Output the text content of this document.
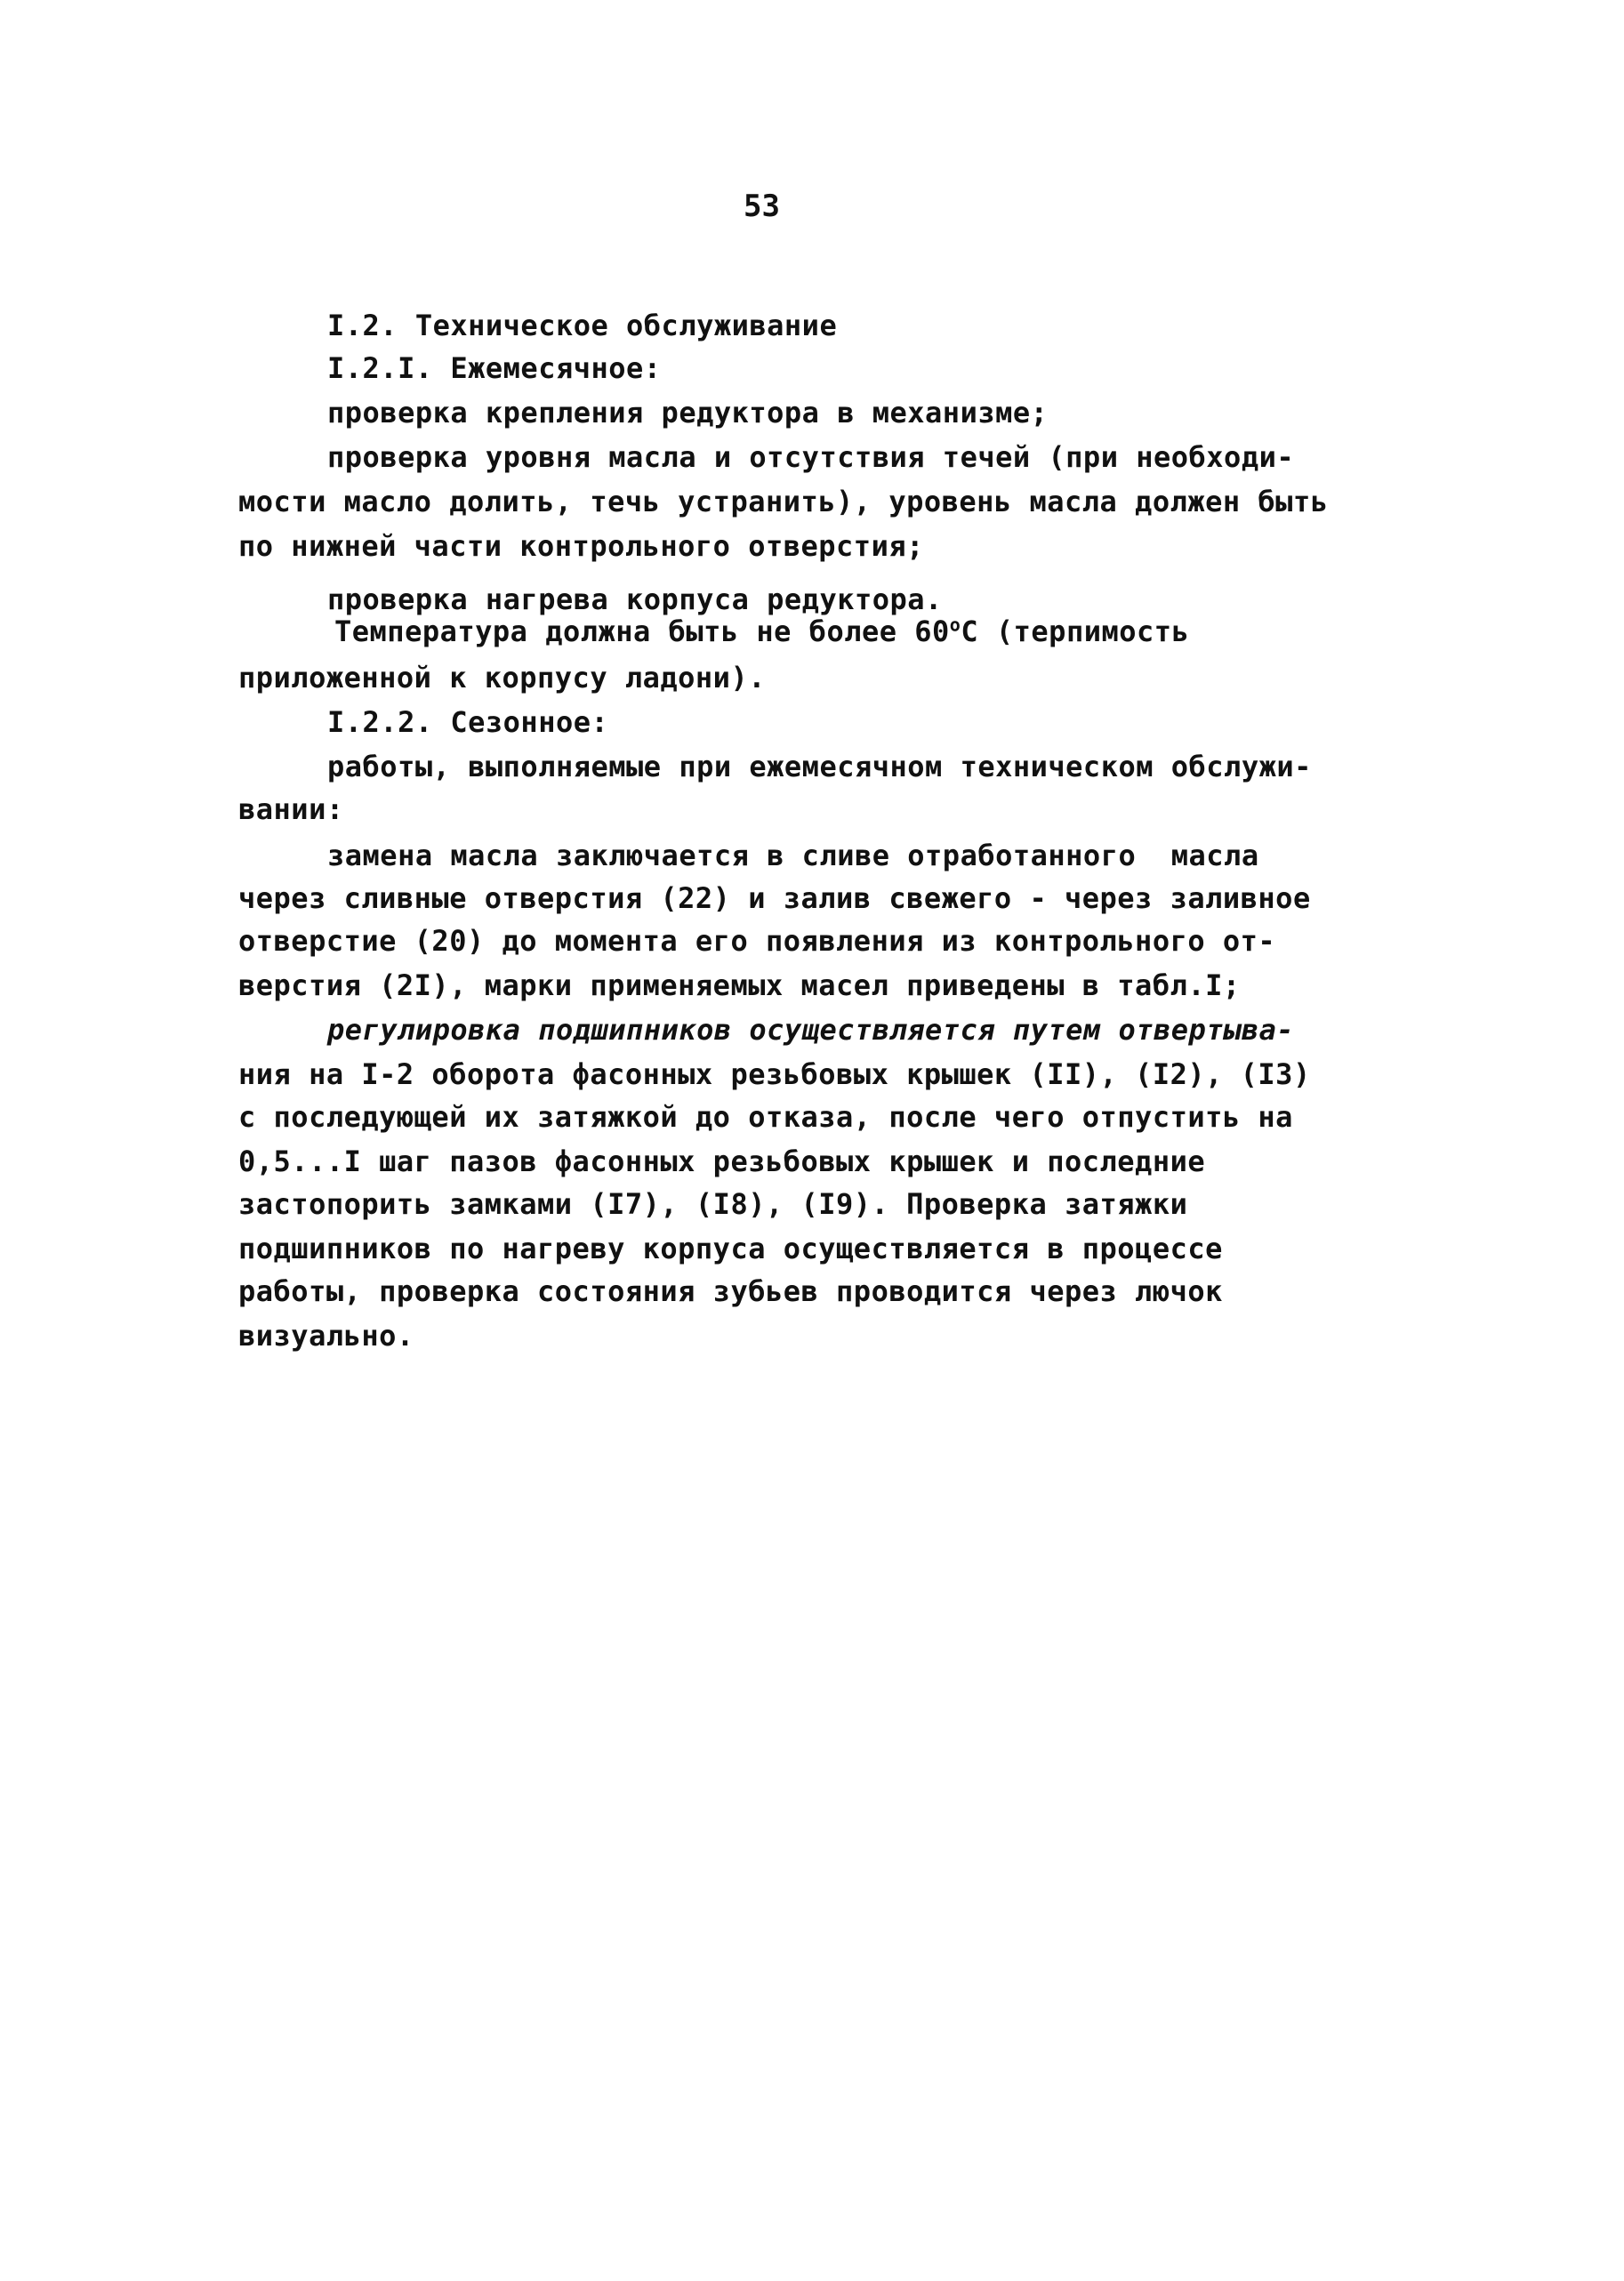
53
I.2. Техническое обслуживание
I.2.I. Ежемесячное:
проверка крепления редуктора в механизме;
проверка уровня масла и отсутствия течей (при необходи-
мости масло долить, течь устранить), уровень масла должен быть
по нижней части контрольного отверстия;
проверка нагрева корпуса редуктора.
Температура должна быть не более 60$^o$С (терпимость
приложенной к корпусу ладони).
I.2.2. Сезонное:
работы, выполняемые при ежемесячном техническом обслужи-
вании:
замена масла заключается в сливе отработанного  масла
через сливные отверстия (22) и залив свежего - через заливное
отверстие (20) до момента его появления из контрольного от-
верстия (2I), марки применяемых масел приведены в табл.I;
регулировка подшипников осуществляется путем отвертыва-
ния на I-2 оборота фасонных резьбовых крышек (II), (I2), (I3)
с последующей их затяжкой до отказа, после чего отпустить на
0,5...I шаг пазов фасонных резьбовых крышек и последние
застопорить замками (I7), (I8), (I9). Проверка затяжки
подшипников по нагреву корпуса осуществляется в процессе
работы, проверка состояния зубьев проводится через лючок
визуально.
